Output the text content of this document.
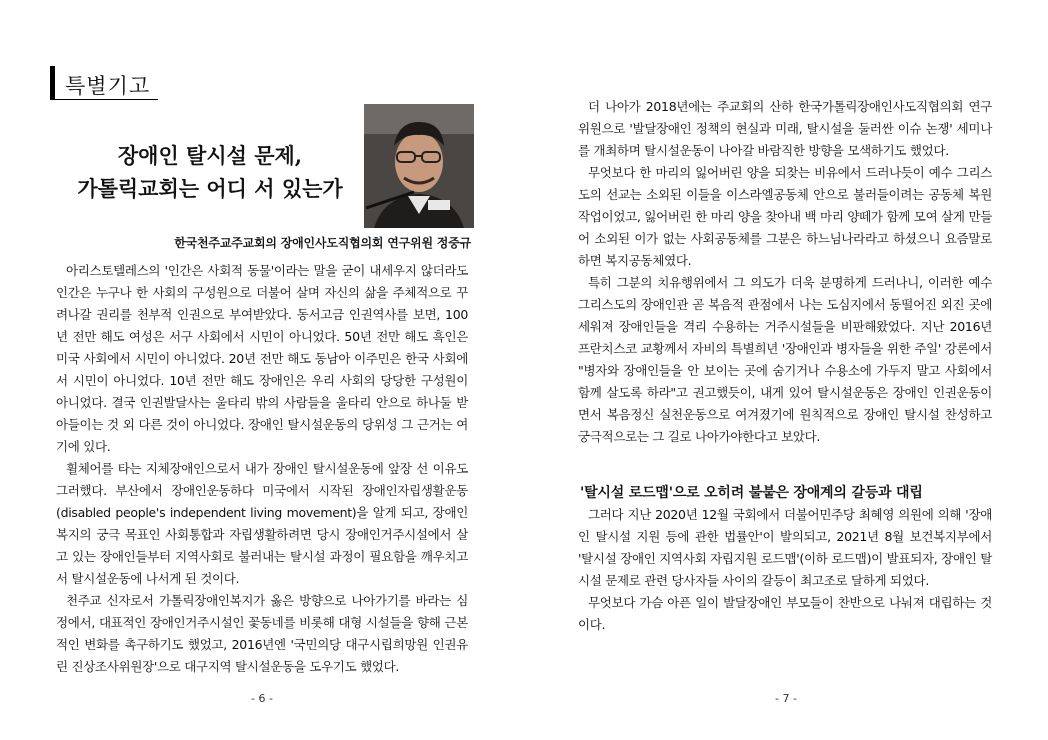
특별기고
장애인 탈시설 문제,
가톨릭교회는 어디 서 있는가
한국천주교주교회의 장애인사도직협의회 연구위원 정중규

아리스토텔레스의 '인간은 사회적 동물'이라는 말을 굳이 내세우지 않더라도 인간은 누구나 한 사회의 구성원으로 더불어 살며 자신의 삶을 주체적으로 꾸려나갈 권리를 천부적 인권으로 부여받았다. 동서고금 인권역사를 보면, 100년 전만 해도 여성은 서구 사회에서 시민이 아니었다. 50년 전만 해도 흑인은 미국 사회에서 시민이 아니었다. 20년 전만 해도 동남아 이주민은 한국 사회에서 시민이 아니었다. 10년 전만 해도 장애인은 우리 사회의 당당한 구성원이 아니었다. 결국 인권발달사는 울타리 밖의 사람들을 울타리 안으로 하나둘 받아들이는 것 외 다른 것이 아니었다. 장애인 탈시설운동의 당위성 그 근거는 여기에 있다.

휠체어를 타는 지체장애인으로서 내가 장애인 탈시설운동에 앞장 선 이유도 그러했다. 부산에서 장애인운동하다 미국에서 시작된 장애인자립생활운동(disabled people's independent living movement)을 알게 되고, 장애인복지의 궁극 목표인 사회통합과 자립생활하려면 당시 장애인거주시설에서 살고 있는 장애인들부터 지역사회로 불러내는 탈시설 과정이 필요함을 깨우치고서 탈시설운동에 나서게 된 것이다.

천주교 신자로서 가톨릭장애인복지가 옳은 방향으로 나아가기를 바라는 심정에서, 대표적인 장애인거주시설인 꽃동네를 비롯해 대형 시설들을 향해 근본적인 변화를 촉구하기도 했었고, 2016년엔 '국민의당 대구시립희망원 인권유린 진상조사위원장'으로 대구지역 탈시설운동을 도우기도 했었다.

- 6 -

더 나아가 2018년에는 주교회의 산하 한국가톨릭장애인사도직협의회 연구위원으로 '발달장애인 정책의 현실과 미래, 탈시설을 둘러싼 이슈 논쟁' 세미나를 개최하며 탈시설운동이 나아갈 바람직한 방향을 모색하기도 했었다.

무엇보다 한 마리의 잃어버린 양을 되찾는 비유에서 드러나듯이 예수 그리스도의 선교는 소외된 이들을 이스라엘공동체 안으로 불러들이려는 공동체 복원 작업이었고, 잃어버린 한 마리 양을 찾아내 백 마리 양떼가 함께 모여 살게 만들어 소외된 이가 없는 사회공동체를 그분은 하느님나라라고 하셨으니 요즘말로 하면 복지공동체였다.

특히 그분의 치유행위에서 그 의도가 더욱 분명하게 드러나니, 이러한 예수 그리스도의 장애인관 곧 복음적 관점에서 나는 도심지에서 동떨어진 외진 곳에 세워져 장애인들을 격리 수용하는 거주시설들을 비판해왔었다. 지난 2016년 프란치스코 교황께서 자비의 특별희년 '장애인과 병자들을 위한 주일' 강론에서 "병자와 장애인들을 안 보이는 곳에 숨기거나 수용소에 가두지 말고 사회에서 함께 살도록 하라"고 권고했듯이, 내게 있어 탈시설운동은 장애인 인권운동이면서 복음정신 실천운동으로 여겨졌기에 원칙적으로 장애인 탈시설 찬성하고 궁극적으로는 그 길로 나아가야한다고 보았다.

'탈시설 로드맵'으로 오히려 불붙은 장애계의 갈등과 대립

그러다 지난 2020년 12월 국회에서 더불어민주당 최혜영 의원에 의해 '장애인 탈시설 지원 등에 관한 법률안'이 발의되고, 2021년 8월 보건복지부에서 '탈시설 장애인 지역사회 자립지원 로드맵'(이하 로드맵)이 발표되자, 장애인 탈시설 문제로 관련 당사자들 사이의 갈등이 최고조로 달하게 되었다.

무엇보다 가슴 아픈 일이 발달장애인 부모들이 찬반으로 나눠져 대립하는 것이다.

- 7 -
